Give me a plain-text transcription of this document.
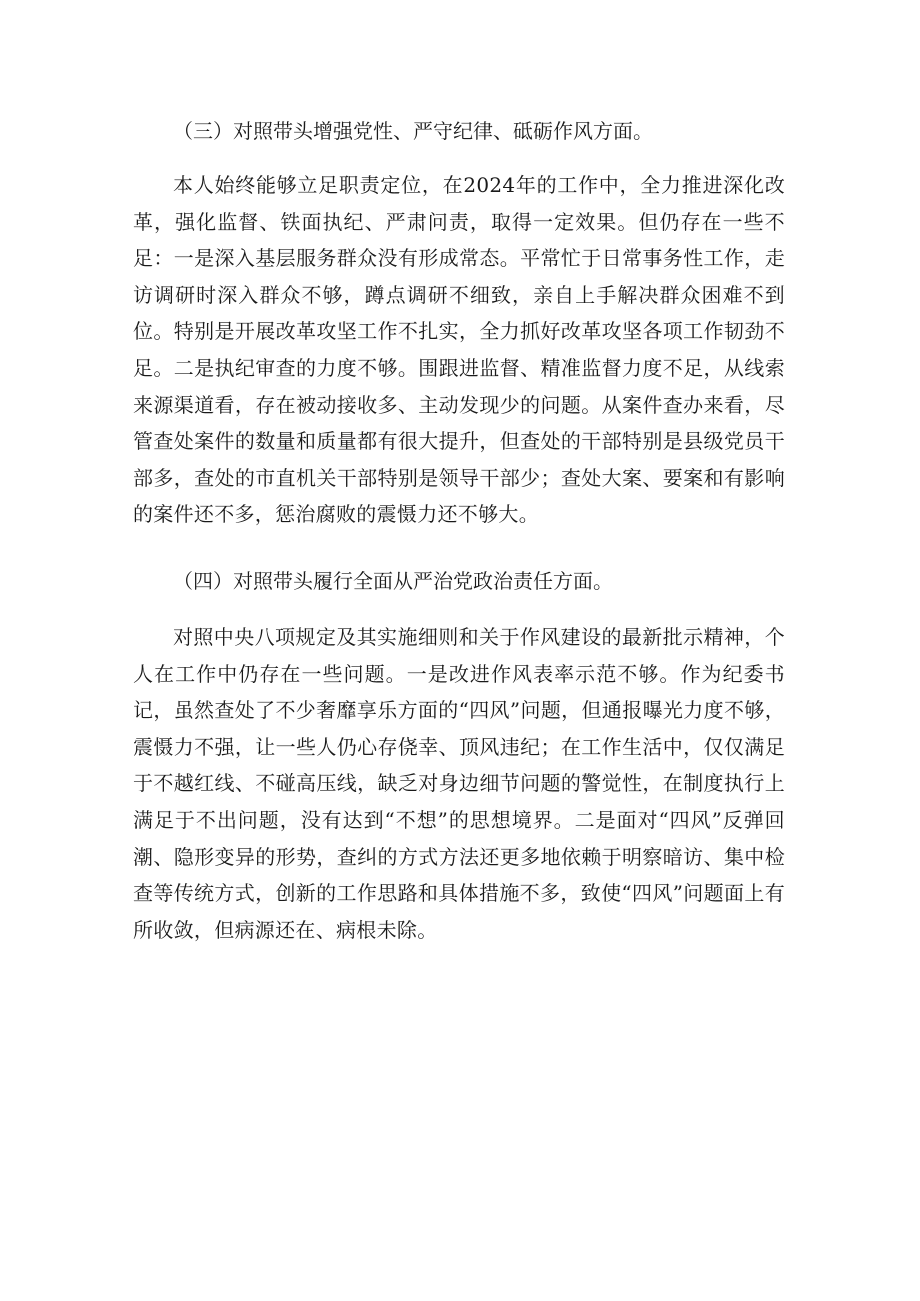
（三）对照带头增强党性、严守纪律、砥砺作风方面。

本人始终能够立足职责定位，在2024年的工作中，全力推进深化改革，强化监督、铁面执纪、严肃问责，取得一定效果。但仍存在一些不足：一是深入基层服务群众没有形成常态。平常忙于日常事务性工作，走访调研时深入群众不够，蹲点调研不细致，亲自上手解决群众困难不到位。特别是开展改革攻坚工作不扎实，全力抓好改革攻坚各项工作韧劲不足。二是执纪审查的力度不够。围跟进监督、精准监督力度不足，从线索来源渠道看，存在被动接收多、主动发现少的问题。从案件查办来看，尽管查处案件的数量和质量都有很大提升，但查处的干部特别是县级党员干部多，查处的市直机关干部特别是领导干部少；查处大案、要案和有影响的案件还不多，惩治腐败的震慑力还不够大。

（四）对照带头履行全面从严治党政治责任方面。

对照中央八项规定及其实施细则和关于作风建设的最新批示精神，个人在工作中仍存在一些问题。一是改进作风表率示范不够。作为纪委书记，虽然查处了不少奢靡享乐方面的“四风”问题，但通报曝光力度不够，震慑力不强，让一些人仍心存侥幸、顶风违纪；在工作生活中，仅仅满足于不越红线、不碰高压线，缺乏对身边细节问题的警觉性，在制度执行上满足于不出问题，没有达到“不想”的思想境界。二是面对“四风”反弹回潮、隐形变异的形势，查纠的方式方法还更多地依赖于明察暗访、集中检查等传统方式，创新的工作思路和具体措施不多，致使“四风”问题面上有所收敛，但病源还在、病根未除。
